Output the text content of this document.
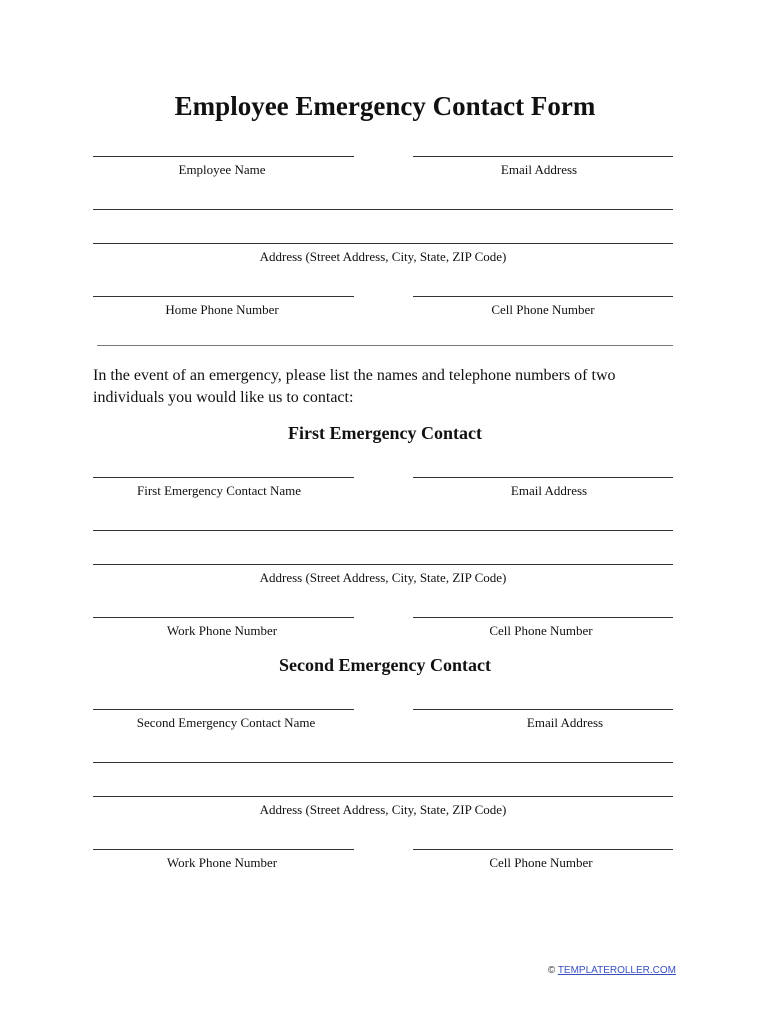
Employee Emergency Contact Form
Employee Name	Email Address
Address (Street Address, City, State, ZIP Code)
Home Phone Number	Cell Phone Number
In the event of an emergency, please list the names and telephone numbers of two
individuals you would like us to contact:
First Emergency Contact
First Emergency Contact Name	Email Address
Address (Street Address, City, State, ZIP Code)
Work Phone Number	Cell Phone Number
Second Emergency Contact
Second Emergency Contact Name	Email Address
Address (Street Address, City, State, ZIP Code)
Work Phone Number	Cell Phone Number
© TEMPLATEROLLER.COM
